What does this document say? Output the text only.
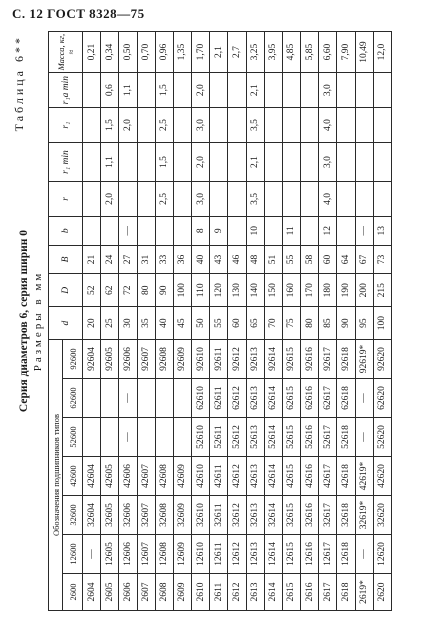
С. 12 ГОСТ 8328—75
Таблица 6**
Серия диаметров 6, серия ширин 0 Размеры в мм
Обозначения подшипников типов							d	D	B	b	r	r₁ min	r₁	r₁a min	Масса, кг, ≈
2600	12600	32600	42600	52600	62600	92600									
2604	—	32604	42604			92604	20	52	21						0,21
2605	12605	32605	42605			92605	25	62	24		2,0	1,1	1,5	0,6	0,34
2606	12606	32606	42606	—	—	92606	30	72	27	—			2,0	1,1	0,50
2607	12607	32607	42607			92607	35	80	31						0,70
2608	12608	32608	42608			92608	40	90	33		2,5	1,5	2,5	1,5	0,96
2609	12609	32609	42609			92609	45	100	36						1,35
2610	12610	32610	42610	52610	62610	92610	50	110	40	8	3,0	2,0	3,0	2,0	1,70
2611	12611	32611	42611	52611	62611	92611	55	120	43	9					2,1
2612	12612	32612	42612	52612	62612	92612	60	130	46						2,7
2613	12613	32613	42613	52613	62613	92613	65	140	48	10	3,5	2,1	3,5	2,1	3,25
2614	12614	32614	42614	52614	62614	92614	70	150	51						3,95
2615	12615	32615	42615	52615	62615	92615	75	160	55	11					4,85
2616	12616	32616	42616	52616	62616	92616	80	170	58						5,85
2617	12617	32617	42617	52617	62617	92617	85	180	60	12	4,0	3,0	4,0	3,0	6,60
2618	12618	32618	42618	52618	62618	92618	90	190	64						7,90
2619*	—	32619*	42619*	—	—	92619*	95	200	67	—					10,49
2620	12620	32620	42620	52620	62620	92620	100	215	73	13					12,0
